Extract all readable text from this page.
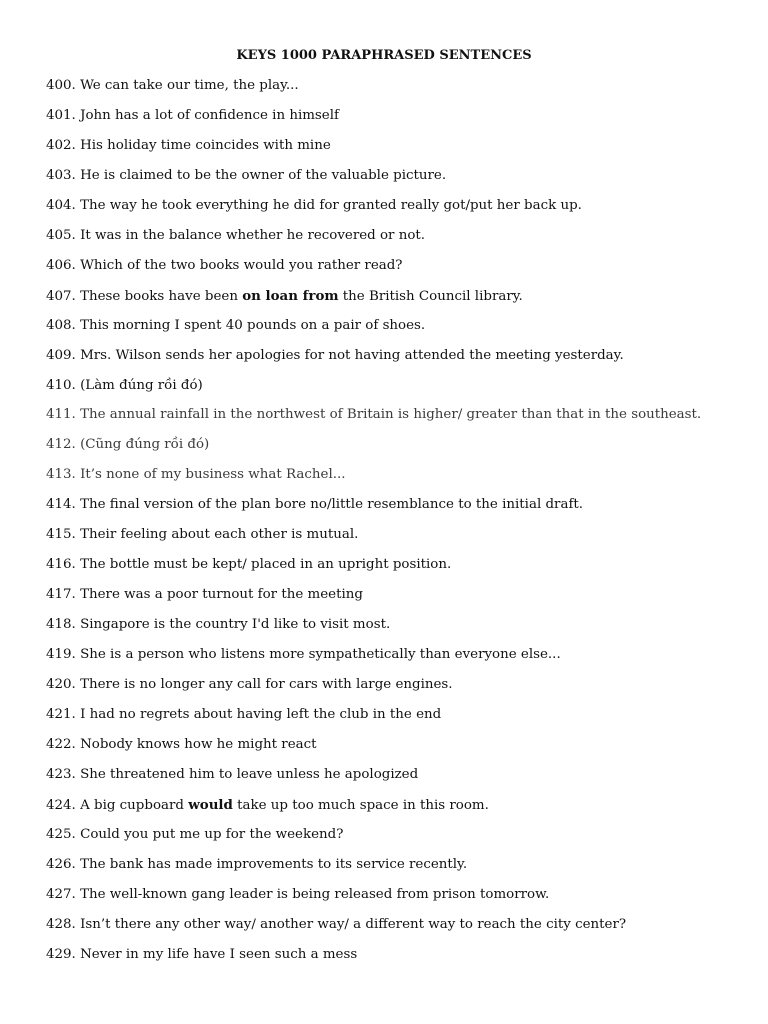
KEYS 1000 PARAPHRASED SENTENCES
400. We can take our time, the play...
401. John has a lot of confidence in himself
402. His holiday time coincides with mine
403. He is claimed to be the owner of the valuable picture.
404. The way he took everything he did for granted really got/put her back up.
405. It was in the balance whether he recovered or not.
406. Which of the two books would you rather read?
407. These books have been on loan from the British Council library.
408. This morning I spent 40 pounds on a pair of shoes.
409. Mrs. Wilson sends her apologies for not having attended the meeting yesterday.
410. (Làm đúng rồi đó)
411. The annual rainfall in the northwest of Britain is higher/ greater than that in the southeast.
412. (Cũng đúng rồi đó)
413. It’s none of my business what Rachel...
414. The final version of the plan bore no/little resemblance to the initial draft.
415. Their feeling about each other is mutual.
416. The bottle must be kept/ placed in an upright position.
417. There was a poor turnout for the meeting
418. Singapore is the country I'd like to visit most.
419. She is a person who listens more sympathetically than everyone else...
420. There is no longer any call for cars with large engines.
421. I had no regrets about having left the club in the end
422. Nobody knows how he might react
423. She threatened him to leave unless he apologized
424. A big cupboard would take up too much space in this room.
425. Could you put me up for the weekend?
426. The bank has made improvements to its service recently.
427. The well-known gang leader is being released from prison tomorrow.
428. Isn’t there any other way/ another way/ a different way to reach the city center?
429. Never in my life have I seen such a mess
